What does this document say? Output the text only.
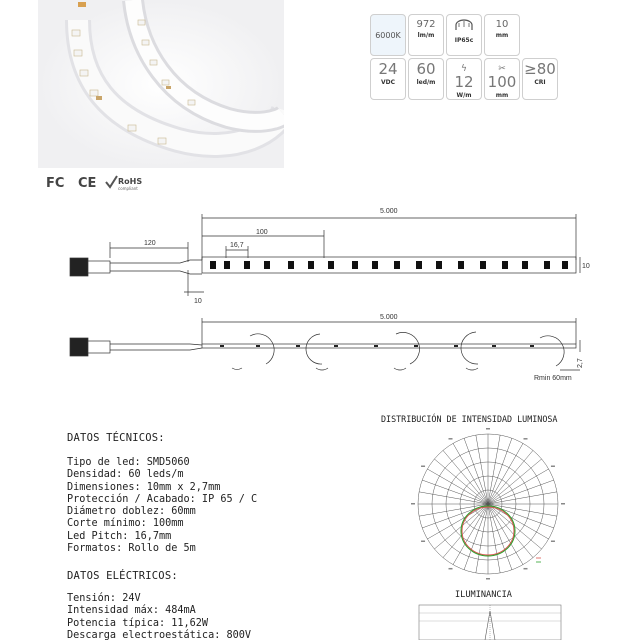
6000K
972
lm/m
IP65c
10
mm
24
VDC
60
led/m
ϟ
12
W/m
✂
100
mm
≥80
CRI
FC CE	RoHS
compliant
5.000
100
16,7
120
10
10
5.000
2,7
Rmin 60mm
DATOS TÉCNICOS:
Tipo de led: SMD5060
Densidad: 60 leds/m
Dimensiones: 10mm x 2,7mm
Protección / Acabado: IP 65 / C
Diámetro doblez: 60mm
Corte mínimo: 100mm
Led Pitch: 16,7mm
Formatos: Rollo de 5m
DATOS ELÉCTRICOS:
Tensión: 24V
Intensidad máx: 484mA
Potencia típica: 11,62W
Descarga electroestática: 800V
DISTRIBUCIÓN DE INTENSIDAD LUMINOSA
ILUMINANCIA
